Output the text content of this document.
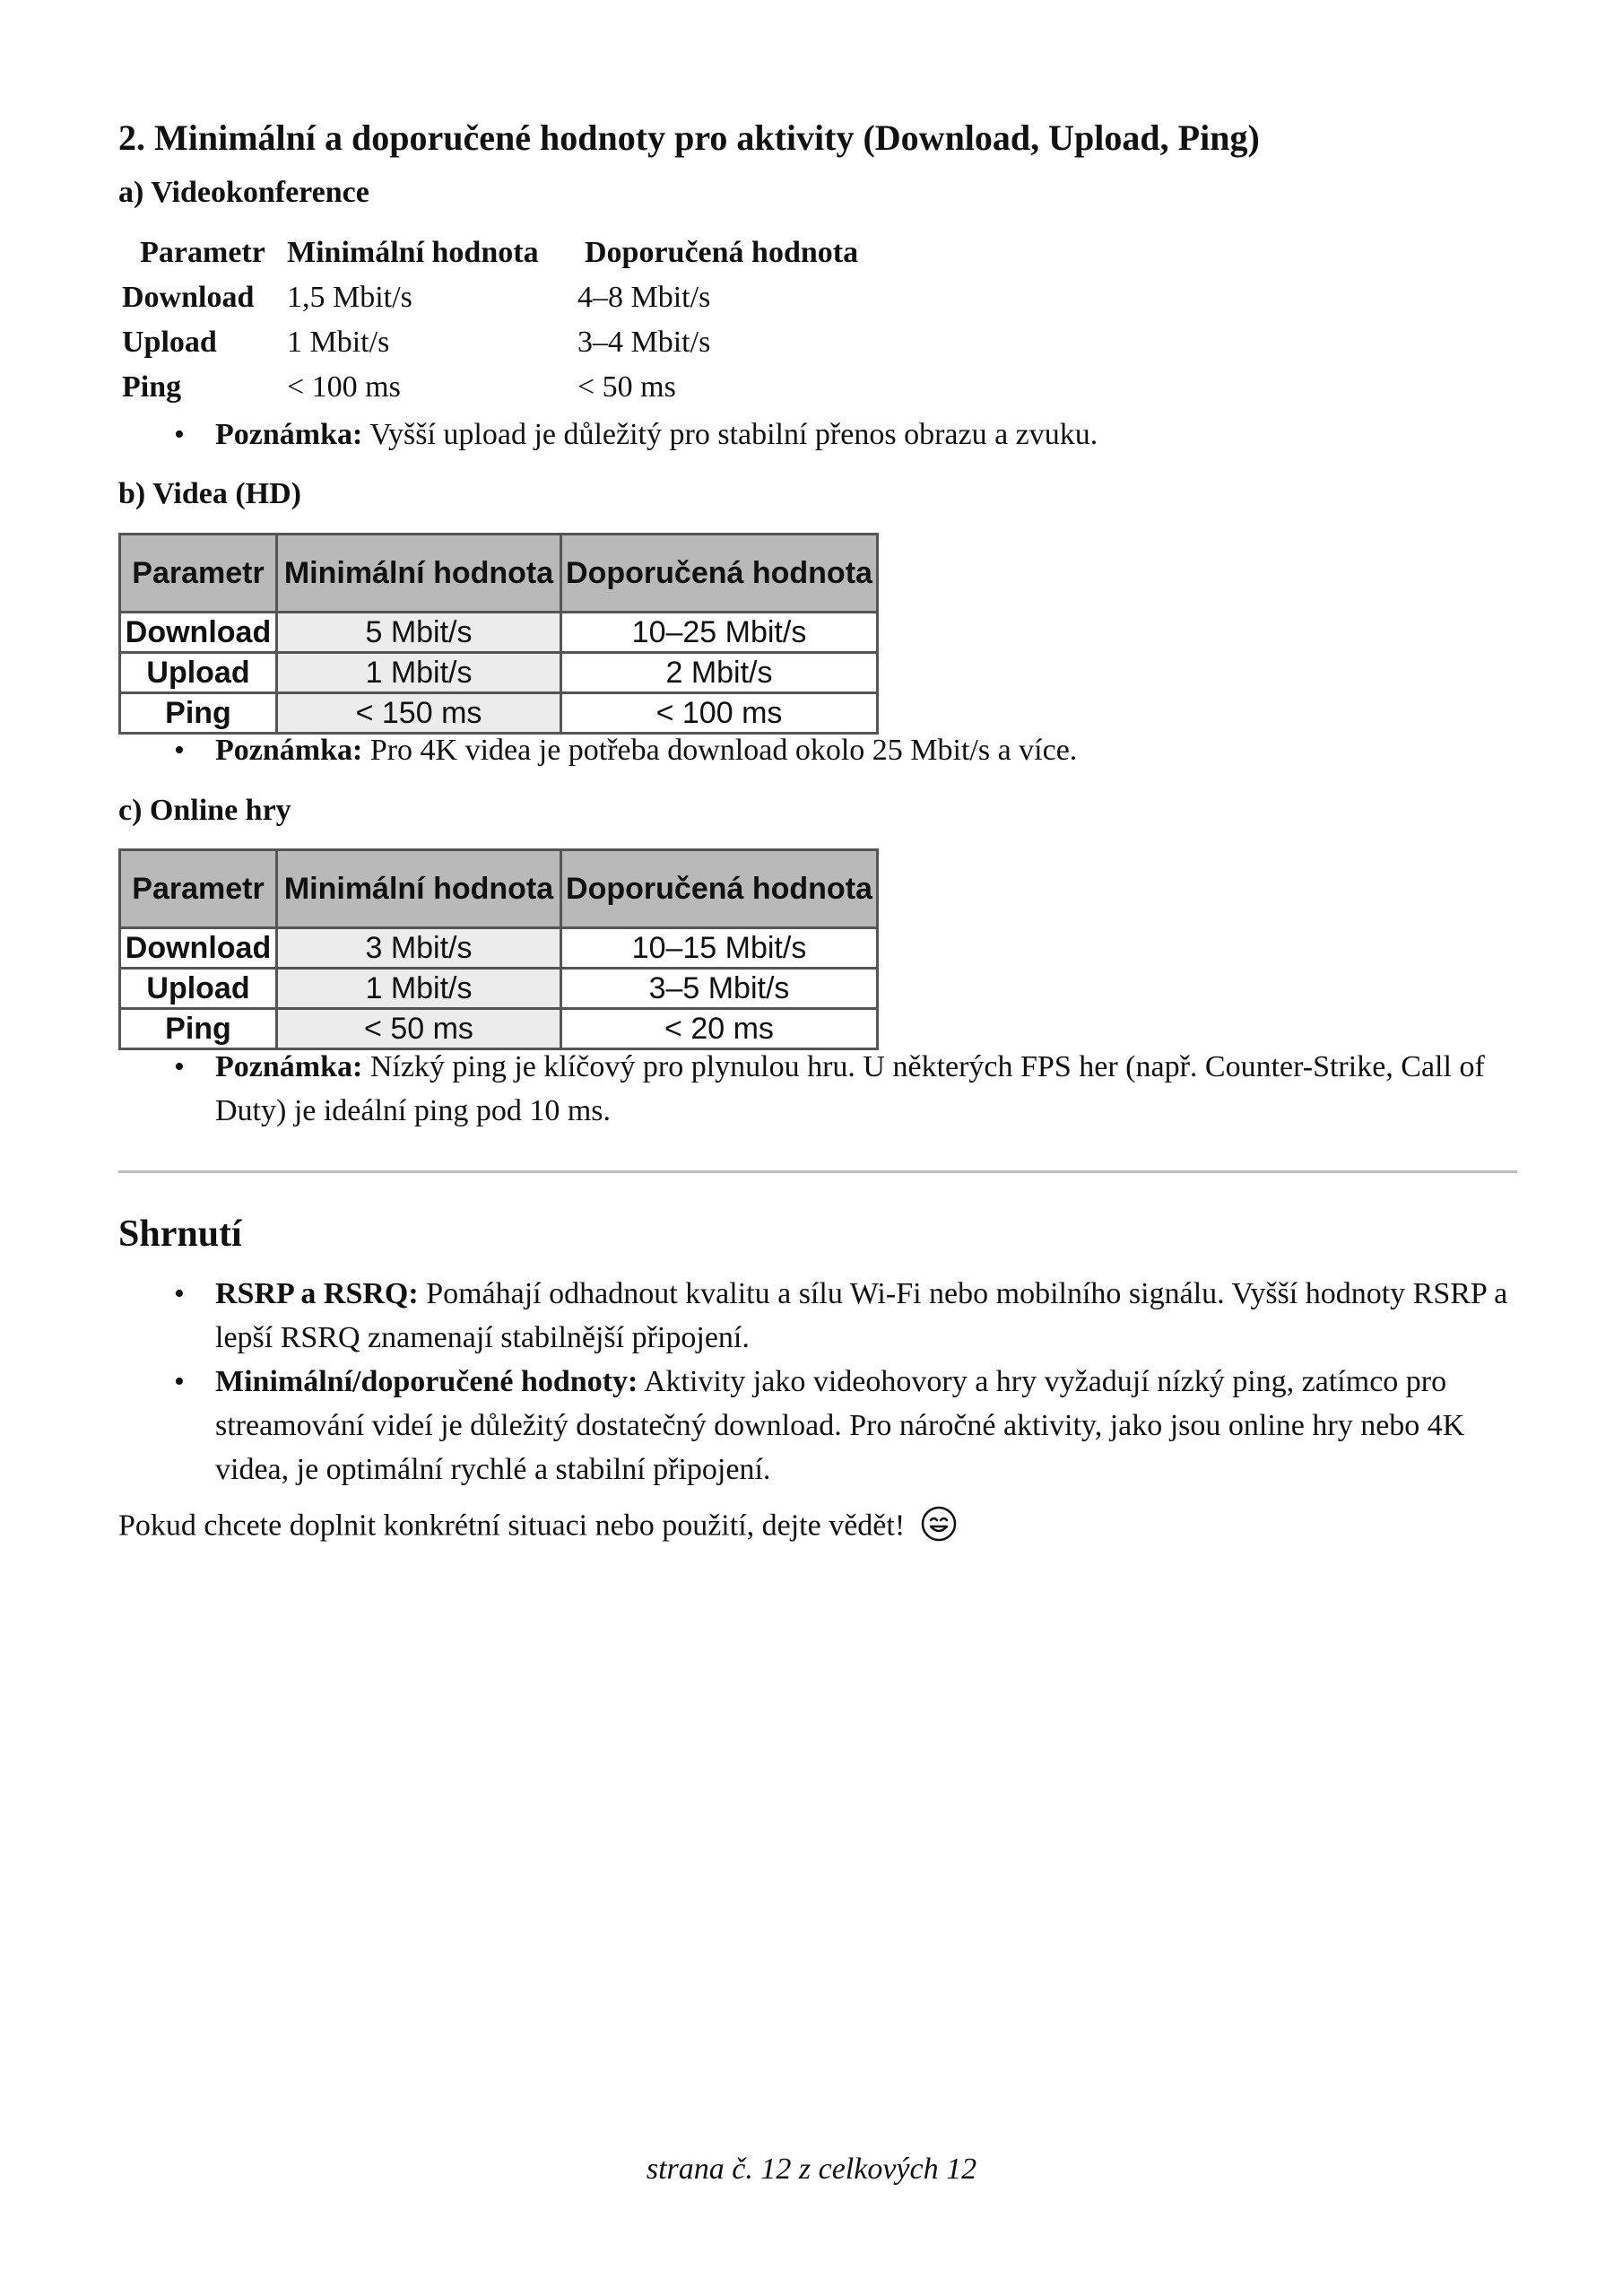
2. Minimální a doporučené hodnoty pro aktivity (Download, Upload, Ping)
a) Videokonference
Parametr	Minimální hodnota	Doporučená hodnota
Download	1,5 Mbit/s	4–8 Mbit/s
Upload	1 Mbit/s	3–4 Mbit/s
Ping	< 100 ms	< 50 ms
• Poznámka: Vyšší upload je důležitý pro stabilní přenos obrazu a zvuku.
b) Videa (HD)
Parametr	Minimální hodnota	Doporučená hodnota
Download	5 Mbit/s	10–25 Mbit/s
Upload	1 Mbit/s	2 Mbit/s
Ping	< 150 ms	< 100 ms
• Poznámka: Pro 4K videa je potřeba download okolo 25 Mbit/s a více.
c) Online hry
Parametr	Minimální hodnota	Doporučená hodnota
Download	3 Mbit/s	10–15 Mbit/s
Upload	1 Mbit/s	3–5 Mbit/s
Ping	< 50 ms	< 20 ms
• Poznámka: Nízký ping je klíčový pro plynulou hru. U některých FPS her (např. Counter-Strike, Call of Duty) je ideální ping pod 10 ms.
Shrnutí
• RSRP a RSRQ: Pomáhají odhadnout kvalitu a sílu Wi-Fi nebo mobilního signálu. Vyšší hodnoty RSRP a lepší RSRQ znamenají stabilnější připojení.
• Minimální/doporučené hodnoty: Aktivity jako videohovory a hry vyžadují nízký ping, zatímco pro streamování videí je důležitý dostatečný download. Pro náročné aktivity, jako jsou online hry nebo 4K videa, je optimální rychlé a stabilní připojení.
Pokud chcete doplnit konkrétní situaci nebo použití, dejte vědět!
strana č. 12 z celkových 12
